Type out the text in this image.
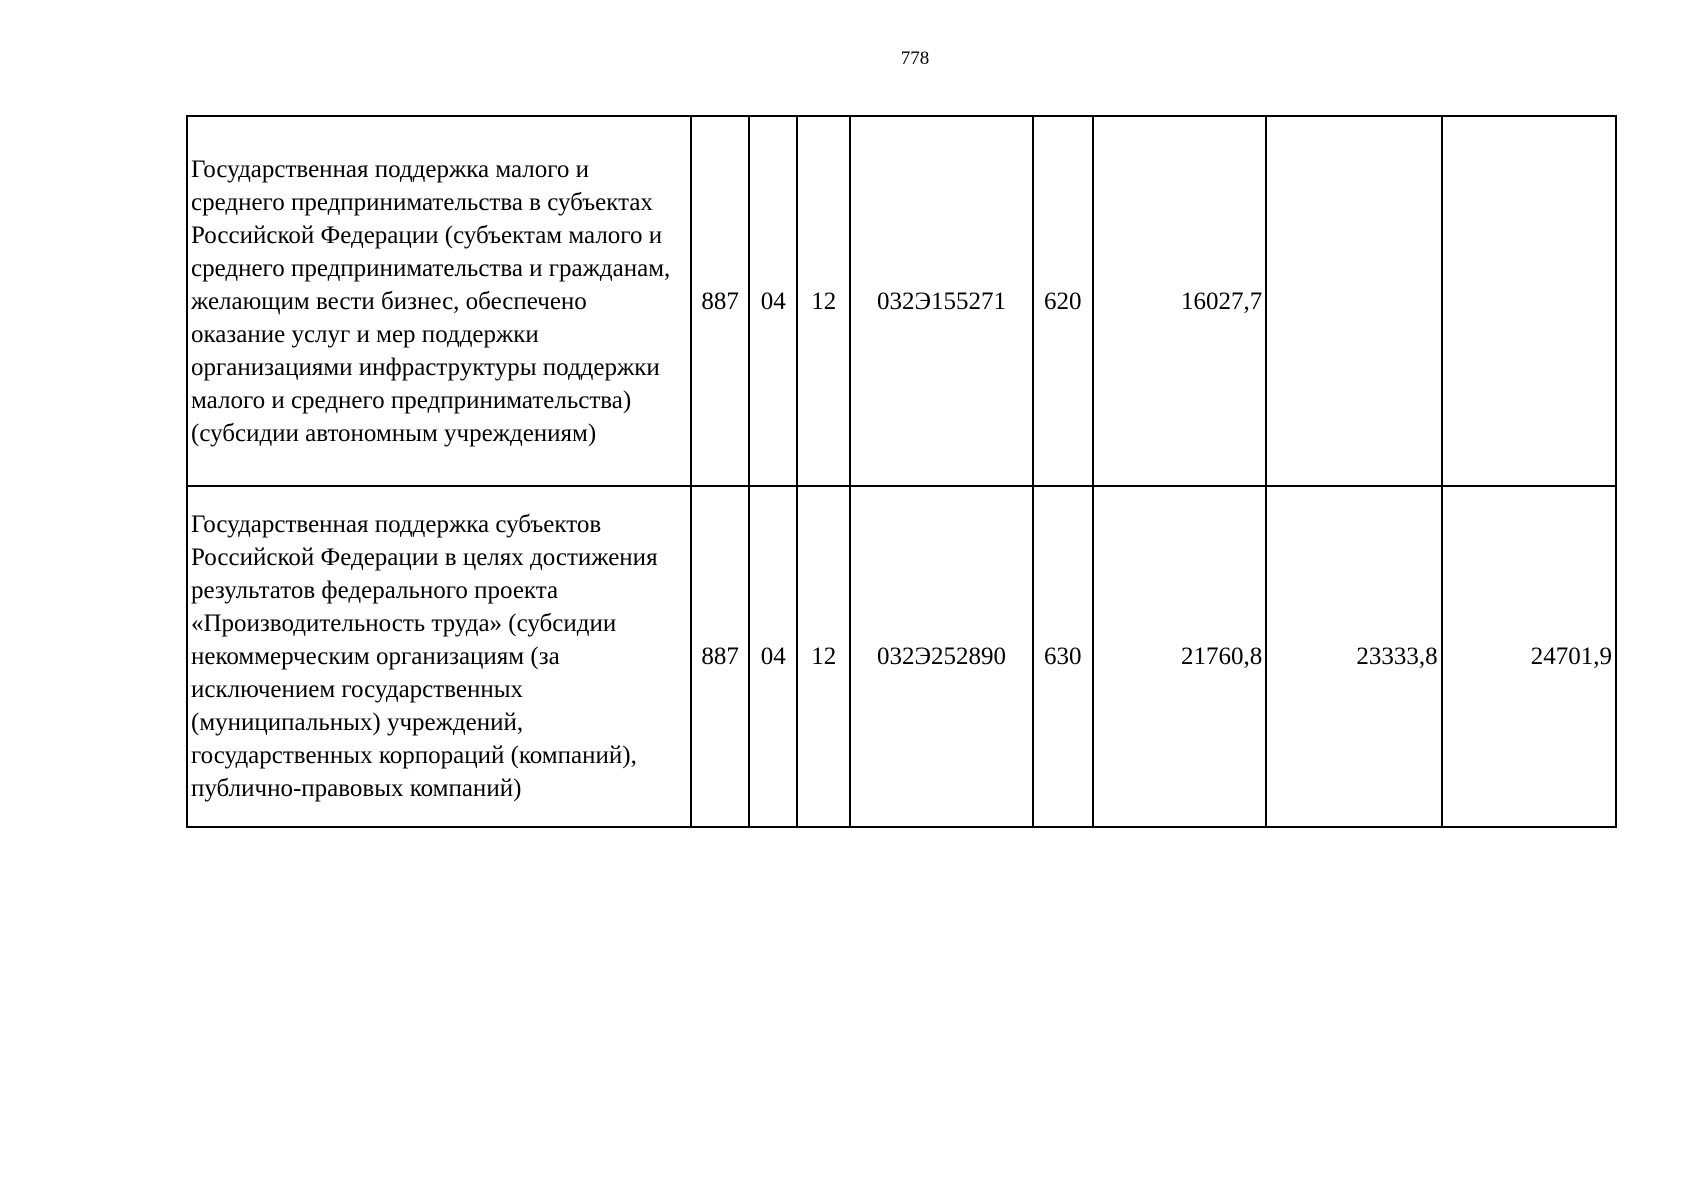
778
Государственная поддержка малого и среднего предпринимательства в субъектах Российской Федерации (субъектам малого и среднего предпринимательства и гражданам, желающим вести бизнес, обеспечено оказание услуг и мер поддержки организациями инфраструктуры поддержки малого и среднего предпринимательства) (субсидии автономным учреждениям)	887	04	12	032Э155271	620	16027,7		
Государственная поддержка субъектов Российской Федерации в целях достижения результатов федерального проекта «Производительность труда» (субсидии некоммерческим организациям (за исключением государственных (муниципальных) учреждений, государственных корпораций (компаний), публично-правовых компаний)	887	04	12	032Э252890	630	21760,8	23333,8	24701,9
